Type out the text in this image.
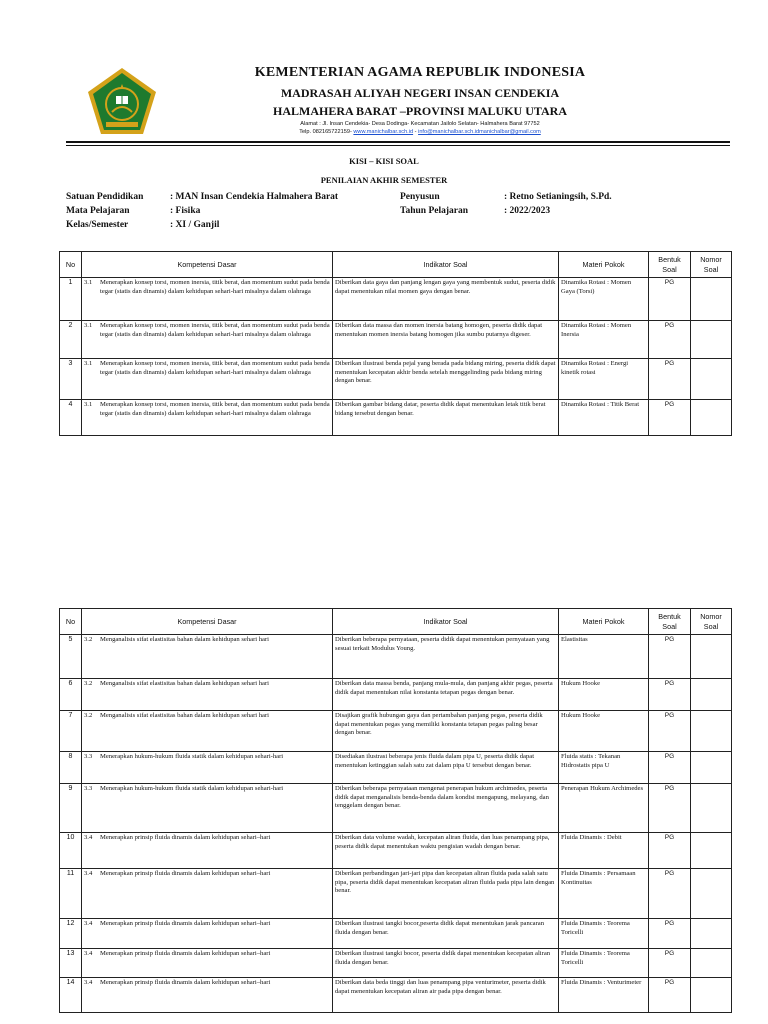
KEMENTERIAN AGAMA REPUBLIK INDONESIA
MADRASAH ALIYAH NEGERI INSAN CENDEKIA
HALMAHERA BARAT –PROVINSI MALUKU UTARA
Alamat : Jl. Insan Cendekia- Desa Dodinga- Kecamatan Jailolo Selatan- Halmahera Barat 97752
Telp. 082165722159- www.manichalbar.sch.id - info@manichalbar.sch.idmanichalbar@gmail.com
KISI – KISI SOAL
PENILAIAN AKHIR SEMESTER
Satuan Pendidikan	: MAN Insan Cendekia Halmahera Barat
Mata Pelajaran	: Fisika
Kelas/Semester	: XI / Ganjil
Penyusun	: Retno Setianingsih, S.Pd.
Tahun Pelajaran	: 2022/2023
No	Kompetensi Dasar	Indikator Soal	Materi Pokok	Bentuk Soal	Nomor Soal
1	3.1 Menerapkan konsep torsi, momen inersia, titik berat, dan momentum sudut pada benda tegar (statis dan dinamis) dalam kehidupan sehari-hari misalnya dalam olahraga	Diberikan data gaya dan panjang lengan gaya yang membentuk sudut, peserta didik dapat menentukan nilai momen gaya dengan benar.	Dinamika Rotasi : Momen Gaya (Torsi)	PG	
2	3.1 Menerapkan konsep torsi, momen inersia, titik berat, dan momentum sudut pada benda tegar (statis dan dinamis) dalam kehidupan sehari-hari misalnya dalam olahraga	Diberikan data massa dan momen inersia batang homogen, peserta didik dapat menentukan momen inersia batang homogen jika sumbu putarnya digeser.	Dinamika Rotasi : Momen Inersia	PG	
3	3.1 Menerapkan konsep torsi, momen inersia, titik berat, dan momentum sudut pada benda tegar (statis dan dinamis) dalam kehidupan sehari-hari misalnya dalam olahraga	Diberikan ilustrasi benda pejal yang berada pada bidang miring, peserta didik dapat menentukan kecepatan akhir benda setelah menggelinding pada bidang miring dengan benar.	Dinamika Rotasi : Energi kinetik rotasi	PG	
4	3.1 Menerapkan konsep torsi, momen inersia, titik berat, dan momentum sudut pada benda tegar (statis dan dinamis) dalam kehidupan sehari-hari misalnya dalam olahraga	Diberikan gambar bidang datar, peserta didik dapat menentukan letak titik berat bidang tersebut dengan benar.	Dinamika Rotasi : Titik Berat	PG	
No	Kompetensi Dasar	Indikator Soal	Materi Pokok	Bentuk Soal	Nomor Soal
5	3.2 Menganalisis sifat elastisitas bahan dalam kehidupan sehari hari	Diberikan beberapa pernyataan, peserta didik dapat menentukan pernyataan yang sesuai terkait Modulus Young.	Elastisitas	PG	
6	3.2 Menganalisis sifat elastisitas bahan dalam kehidupan sehari hari	Diberikan data massa benda, panjang mula-mula, dan panjang akhir pegas, peserta didik dapat menentukan nilai konstanta tetapan pegas dengan benar.	Hukum Hooke	PG	
7	3.2 Menganalisis sifat elastisitas bahan dalam kehidupan sehari hari	Disajikan grafik hubungan gaya dan pertambahan panjang pegas, peserta didik dapat menentukan pegas yang memiliki konstanta tetapan pegas paling besar dengan benar.	Hukum Hooke	PG	
8	3.3 Menerapkan hukum-hukum fluida statik dalam kehidupan sehari-hari	Disediakan ilustrasi beberapa jenis fluida dalam pipa U, peserta didik dapat menentukan ketinggian salah satu zat dalam pipa U tersebut dengan benar.	Fluida statis : Tekanan Hidrostatis pipa U	PG	
9	3.3 Menerapkan hukum-hukum fluida statik dalam kehidupan sehari-hari	Diberikan beberapa pernyataan mengenai penerapan hukum archimedes, peserta didik dapat menganalisis benda-benda dalam kondisi mengapung, melayang, dan tenggelam dengan benar.	Penerapan Hukum Archimedes	PG	
10	3.4 Menerapkan prinsip fluida dinamis dalam kehidupan sehari–hari	Diberikan data volume wadah, kecepatan aliran fluida, dan luas penampang pipa, peserta didik dapat menentukan waktu pengisian wadah dengan benar.	Fluida Dinamis : Debit	PG	
11	3.4 Menerapkan prinsip fluida dinamis dalam kehidupan sehari–hari	Diberikan perbandingan jari-jari pipa dan kecepatan aliran fluida pada salah satu pipa, peserta didik dapat menentukan kecepatan aliran fluida pada pipa lain dengan benar.	Fluida Dinamis : Persamaan Kontinuitas	PG	
12	3.4 Menerapkan prinsip fluida dinamis dalam kehidupan sehari–hari	Diberikan ilustrasi tangki bocor,peserta didik dapat menentukan jarak pancaran fluida dengan benar.	Fluida Dinamis : Teorema Toricelli	PG	
13	3.4 Menerapkan prinsip fluida dinamis dalam kehidupan sehari–hari	Diberikan ilustrasi tangki bocor, peserta didik dapat menentukan kecepatan aliran fluida dengan benar.	Fluida Dinamis : Teorema Toricelli	PG	
14	3.4 Menerapkan prinsip fluida dinamis dalam kehidupan sehari–hari	Diberikan data beda tinggi dan luas penampang pipa venturimeter, peserta didik dapat menentukan kecepatan aliran air pada pipa dengan benar.	Fluida Dinamis : Venturimeter	PG	
